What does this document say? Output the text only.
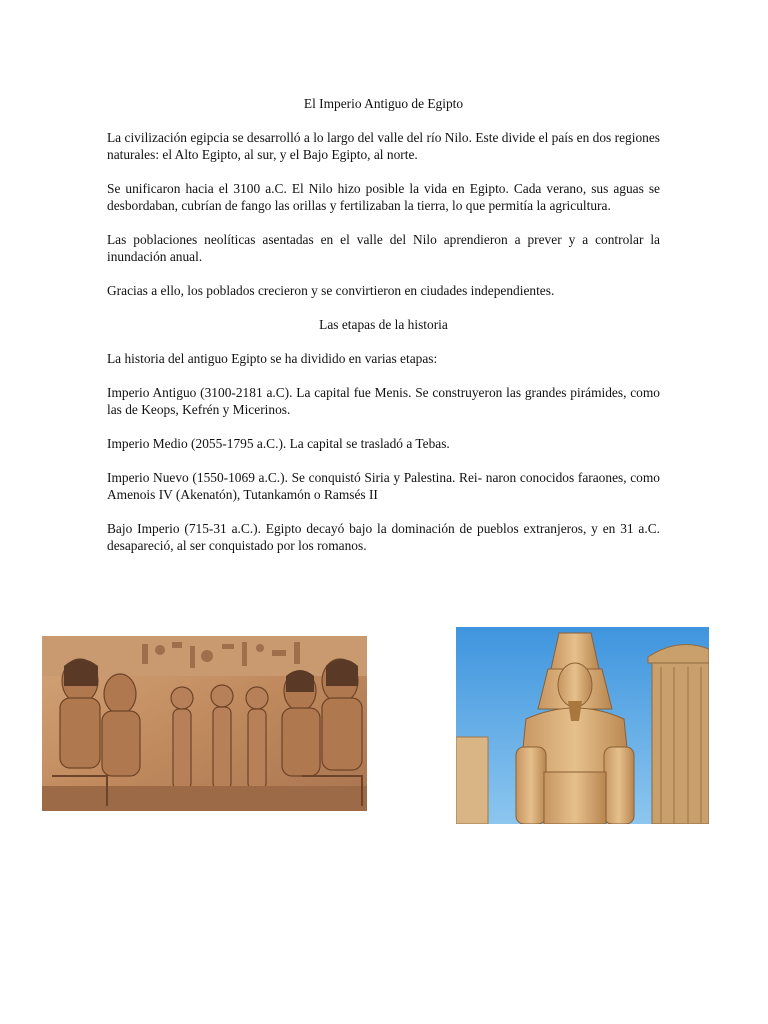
El Imperio Antiguo de Egipto

La civilización egipcia se desarrolló a lo largo del valle del río Nilo. Este divide el país en dos regiones naturales: el Alto Egipto, al sur, y el Bajo Egipto, al norte.

Se unificaron hacia el 3100 a.C. El Nilo hizo posible la vida en Egipto. Cada verano, sus aguas se desbordaban, cubrían de fango las orillas y fertilizaban la tierra, lo que permitía la agricultura.

Las poblaciones neolíticas asentadas en el valle del Nilo aprendieron a prever y a controlar la inundación anual.

Gracias a ello, los poblados crecieron y se convirtieron en ciudades independientes.

Las etapas de la historia

La historia del antiguo Egipto se ha dividido en varias etapas:

Imperio Antiguo (3100-2181 a.C). La capital fue Menis. Se construyeron las grandes pirámides, como las de Keops, Kefrén y Micerinos.

Imperio Medio (2055-1795 a.C.). La capital se trasladó a Tebas.

Imperio Nuevo (1550-1069 a.C.). Se conquistó Siria y Palestina. Rei- naron conocidos faraones, como Amenois IV (Akenatón), Tutankamón o Ramsés II

Bajo Imperio (715-31 a.C.). Egipto decayó bajo la dominación de pueblos extranjeros, y en 31 a.C. desapareció, al ser conquistado por los romanos.
